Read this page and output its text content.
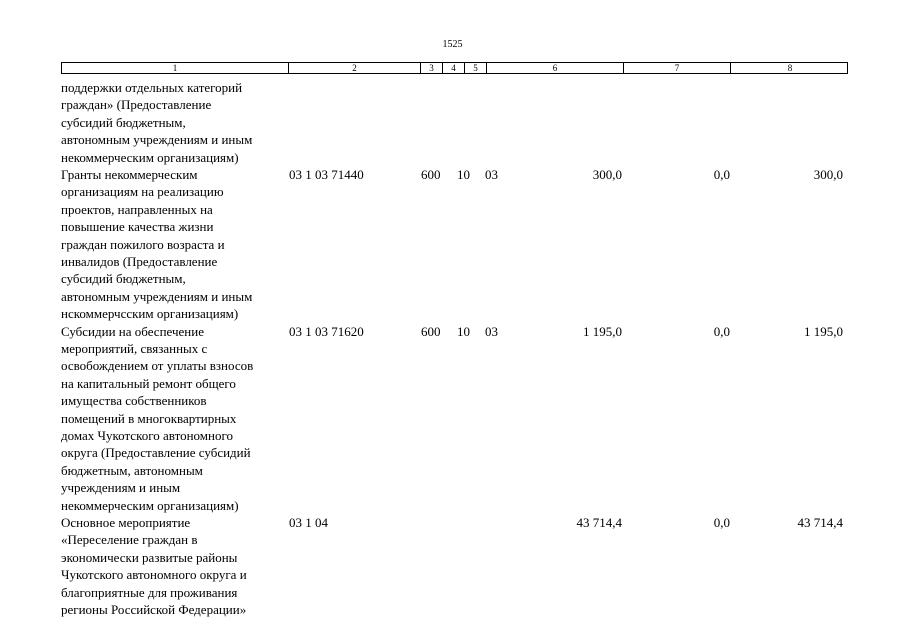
1525
1	2	3	4	5	6	7	8
поддержки отдельных категорий
граждан» (Предоставление
субсидий бюджетным,
автономным учреждениям и иным
некоммерческим организациям)
Гранты некоммерческим
организациям на реализацию
проектов, направленных на
повышение качества жизни
граждан пожилого возраста и
инвалидов (Предоставление
субсидий бюджетным,
автономным учреждениям и иным
нскоммерчсским организациям)
03 1 03 71440	600 10 03	300,0	0,0	300,0
Субсидии на обеспечение
мероприятий, связанных с
освобождением от уплаты взносов
на капитальный ремонт общего
имущества собственников
помещений в многоквартирных
домах Чукотского автономного
округа (Предоставление субсидий
бюджетным, автономным
учреждениям и иным
некоммерческим организациям)
03 1 03 71620	600 10 03	1 195,0	0,0	1 195,0
Основное мероприятие
«Переселение граждан в
экономически развитые районы
Чукотского автономного округа и
благоприятные для проживания
регионы Российской Федерации»
03 1 04	43 714,4	0,0	43 714,4
